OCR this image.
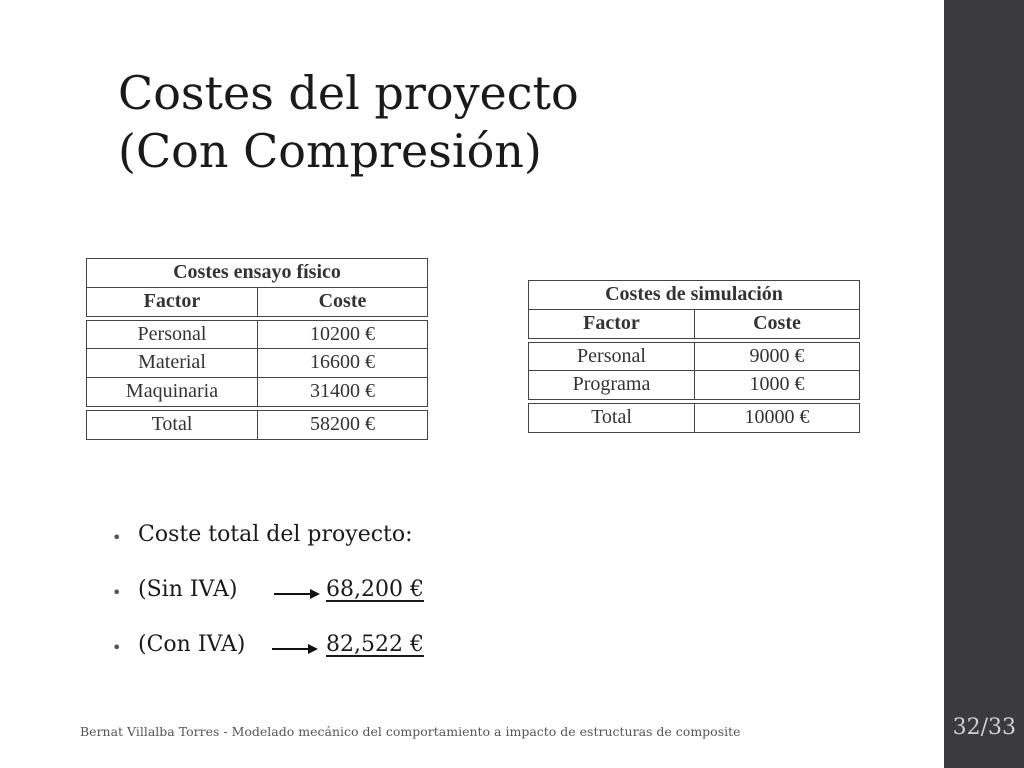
32/33
Costes del proyecto
(Con Compresión)
Costes ensayo físico
Factor	Coste
Personal	10200 €
Material	16600 €
Maquinaria	31400 €
Total	58200 €
Costes de simulación
Factor	Coste
Personal	9000 €
Programa	1000 €
Total	10000 €
• Coste total del proyecto:
• (Sin IVA)	68,200 €
• (Con IVA)	82,522 €
Bernat Villalba Torres - Modelado mecánico del comportamiento a impacto de estructuras de composite
